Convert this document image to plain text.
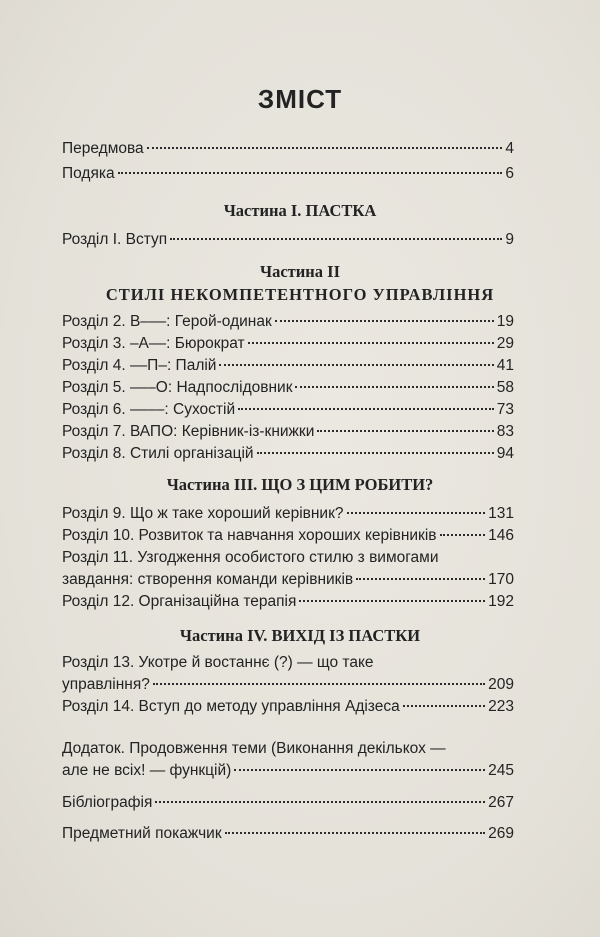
ЗМІСТ
Передмова	4
Подяка	6
Розділ I. Вступ	9
Розділ 2. В–––: Герой-одинак	19
Розділ 3. –А––: Бюрократ	29
Розділ 4. ––П–: Палій	41
Розділ 5. –––О: Надпослідовник	58
Розділ 6. ––––: Сухостій	73
Розділ 7. ВАПО: Керівник-із-книжки	83
Розділ 8. Стилі організацій	94
Розділ 9. Що ж таке хороший керівник?	131
Розділ 10. Розвиток та навчання хороших керівників	146
Розділ 11. Узгодження особистого стилю з вимогами
завдання: створення команди керівників	170
Розділ 12. Організаційна терапія	192
Розділ 13. Укотре й востаннє (?) — що таке
управління?	209
Розділ 14. Вступ до методу управління Адізеса	223
Додаток. Продовження теми (Виконання декількох —
але не всіх! — функцій)	245
Бібліографія	267
Предметний покажчик	269
Частина I. ПАСТКА
Частина II
СТИЛІ НЕКОМПЕТЕНТНОГО УПРАВЛІННЯ
Частина III. ЩО З ЦИМ РОБИТИ?
Частина IV. ВИХІД ІЗ ПАСТКИ
